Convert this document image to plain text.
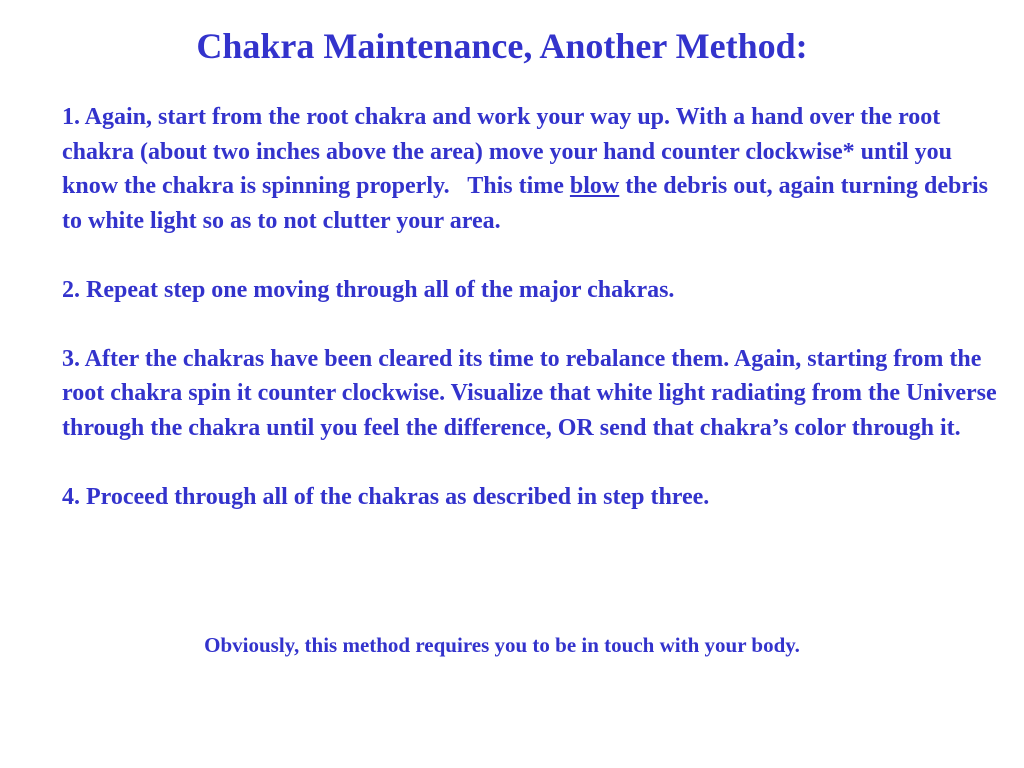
Chakra Maintenance, Another Method:

1. Again, start from the root chakra and work your way up. With a hand over the root chakra (about two inches above the area) move your hand counter clockwise* until you know the chakra is spinning properly. This time blow the debris out, again turning debris to white light so as to not clutter your area.

2. Repeat step one moving through all of the major chakras.

3. After the chakras have been cleared its time to rebalance them. Again, starting from the root chakra spin it counter clockwise. Visualize that white light radiating from the Universe through the chakra until you feel the difference, OR send that chakra’s color through it.

4. Proceed through all of the chakras as described in step three.

Obviously, this method requires you to be in touch with your body.
